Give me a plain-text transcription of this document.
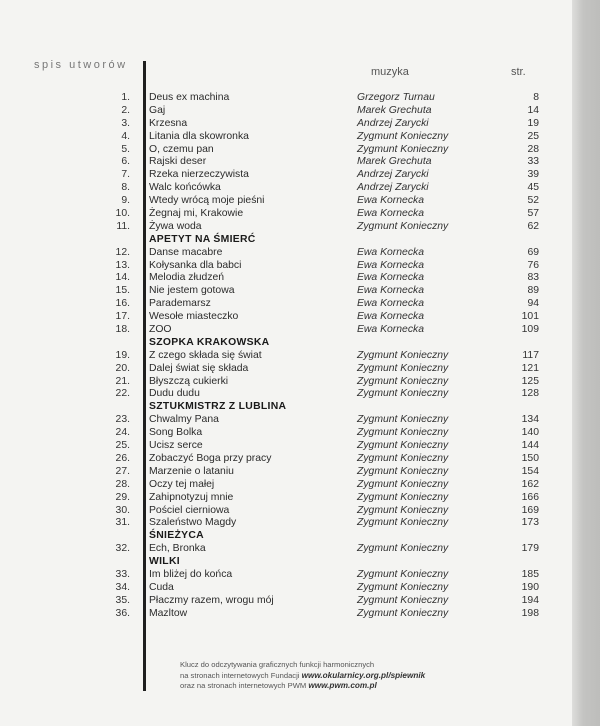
spis utworów
muzyka	str.
1. Deus ex machina	Grzegorz Turnau	8
2. Gaj	Marek Grechuta	14
3. Krzesna	Andrzej Zarycki	19
4. Litania dla skowronka	Zygmunt Konieczny	25
5. O, czemu pan	Zygmunt Konieczny	28
6. Rajski deser	Marek Grechuta	33
7. Rzeka nierzeczywista	Andrzej Zarycki	39
8. Walc końcówka	Andrzej Zarycki	45
9. Wtedy wrócą moje pieśni	Ewa Kornecka	52
10. Żegnaj mi, Krakowie	Ewa Kornecka	57
11. Żywa woda	Zygmunt Konieczny	62
APETYT NA ŚMIERĆ
12. Danse macabre	Ewa Kornecka	69
13. Kołysanka dla babci	Ewa Kornecka	76
14. Melodia złudzeń	Ewa Kornecka	83
15. Nie jestem gotowa	Ewa Kornecka	89
16. Parademarsz	Ewa Kornecka	94
17. Wesołe miasteczko	Ewa Kornecka	101
18. ZOO	Ewa Kornecka	109
SZOPKA KRAKOWSKA
19. Z czego składa się świat	Zygmunt Konieczny	117
20. Dalej świat się składa	Zygmunt Konieczny	121
21. Błyszczą cukierki	Zygmunt Konieczny	125
22. Dudu dudu	Zygmunt Konieczny	128
SZTUKMISTRZ Z LUBLINA
23. Chwalmy Pana	Zygmunt Konieczny	134
24. Song Bolka	Zygmunt Konieczny	140
25. Ucisz serce	Zygmunt Konieczny	144
26. Zobaczyć Boga przy pracy	Zygmunt Konieczny	150
27. Marzenie o lataniu	Zygmunt Konieczny	154
28. Oczy tej małej	Zygmunt Konieczny	162
29. Zahipnotyzuj mnie	Zygmunt Konieczny	166
30. Pościel cierniowa	Zygmunt Konieczny	169
31. Szaleństwo Magdy	Zygmunt Konieczny	173
ŚNIEŻYCA
32. Ech, Bronka	Zygmunt Konieczny	179
WILKI
33. Im bliżej do końca	Zygmunt Konieczny	185
34. Cuda	Zygmunt Konieczny	190
35. Płaczmy razem, wrogu mój	Zygmunt Konieczny	194
36. Mazltow	Zygmunt Konieczny	198
Klucz do odczytywania graficznych funkcji harmonicznych
na stronach internetowych Fundacji www.okularnicy.org.pl/spiewnik
oraz na stronach internetowych PWM www.pwm.com.pl
